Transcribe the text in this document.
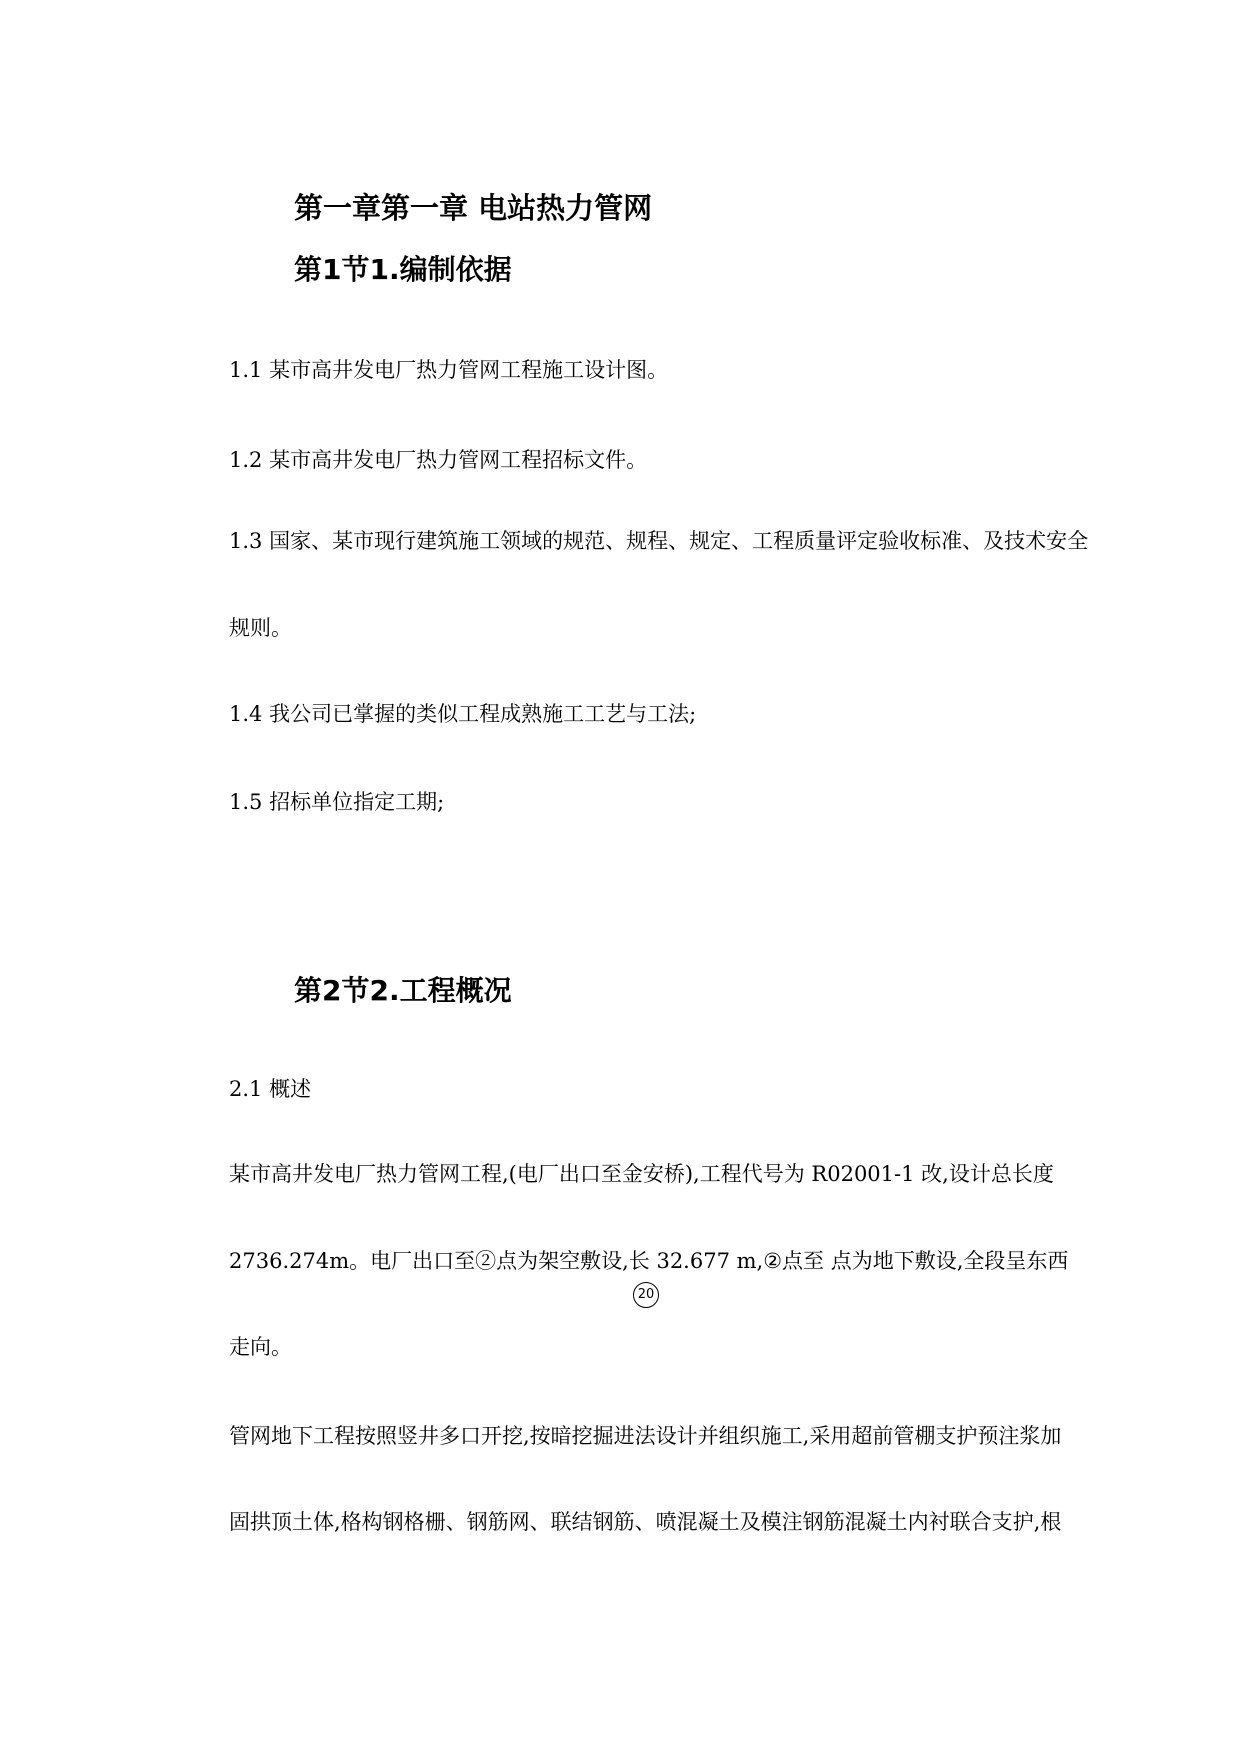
第一章第一章 电站热力管网
第1节1.编制依据

1.1 某市高井发电厂热力管网工程施工设计图。

1.2 某市高井发电厂热力管网工程招标文件。

1.3 国家、某市现行建筑施工领域的规范、规程、规定、工程质量评定验收标准、及技术安全

规则。

1.4 我公司已掌握的类似工程成熟施工工艺与工法;

1.5 招标单位指定工期;

第2节2.工程概况

2.1 概述

某市高井发电厂热力管网工程,(电厂出口至金安桥),工程代号为 R02001-1 改,设计总长度

2736.274m。电厂出口至②点为架空敷设,长 32.677 m,②点至 点为地下敷设,全段呈东西

20

走向。

管网地下工程按照竖井多口开挖,按暗挖掘进法设计并组织施工,采用超前管棚支护预注浆加

固拱顶土体,格构钢格栅、钢筋网、联结钢筋、喷混凝土及模注钢筋混凝土内衬联合支护,根
